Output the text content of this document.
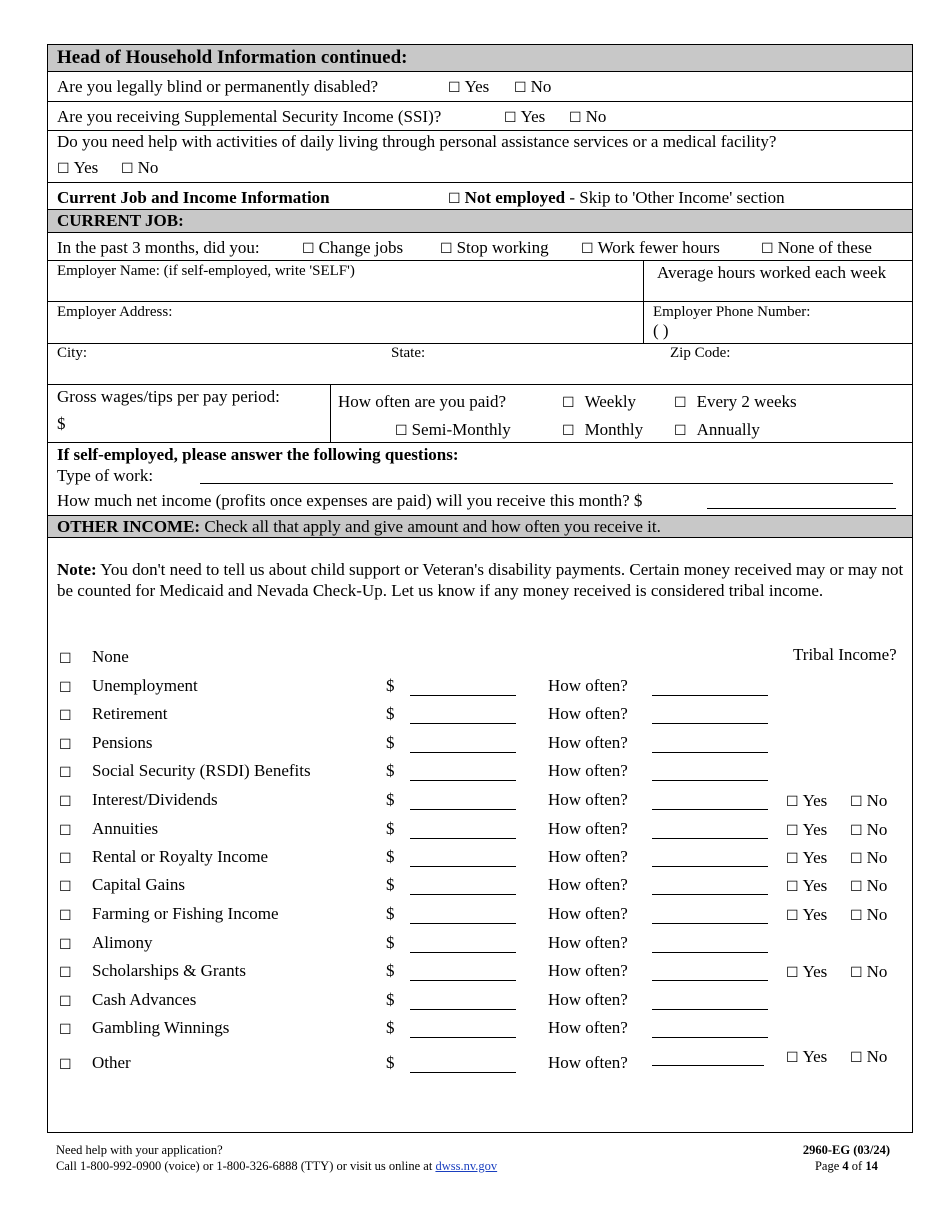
Head of Household Information continued:
Are you legally blind or permanently disabled?	☐ Yes ☐ No
Are you receiving Supplemental Security Income (SSI)?	☐ Yes ☐ No
Do you need help with activities of daily living through personal assistance services or a medical facility?
☐ Yes ☐ No
Current Job and Income Information	☐ Not employed - Skip to 'Other Income' section
CURRENT JOB:
In the past 3 months, did you:	☐ Change jobs	☐ Stop working ☐ Work fewer hours	☐ None of these
Employer Name: (if self-employed, write 'SELF')	Average hours worked each week
Employer Address:	Employer Phone Number:
( )
City:	State:	Zip Code:
Gross wages/tips per pay period:
$
How often are you paid?	☐ Weekly	☐ Every 2 weeks
☐ Semi-Monthly	☐ Monthly ☐ Annually
If self-employed, please answer the following questions:
Type of work:
How much net income (profits once expenses are paid) will you receive this month? $
OTHER INCOME: Check all that apply and give amount and how often you receive it.
Note: You don't need to tell us about child support or Veteran's disability payments. Certain money received may or may not be counted for Medicaid and Nevada Check-Up. Let us know if any money received is considered tribal income.
Tribal Income?
☐ None
☐ Unemployment	$	How often?
☐ Retirement	$	How often?
☐ Pensions	$	How often?
☐ Social Security (RSDI) Benefits	$	How often?
☐ Interest/Dividends	$	How often?	☐ Yes ☐ No
☐ Annuities	$	How often?	☐ Yes ☐ No
☐ Rental or Royalty Income	$	How often?	☐ Yes ☐ No
☐ Capital Gains	$	How often?	☐ Yes ☐ No
☐ Farming or Fishing Income	$	How often?	☐ Yes ☐ No
☐ Alimony	$	How often?
☐ Scholarships & Grants	$	How often?	☐ Yes ☐ No
☐ Cash Advances	$	How often?
☐ Gambling Winnings	$	How often?
☐ Other	$	How often?	☐ Yes ☐ No
Need help with your application?
Call 1-800-992-0900 (voice) or 1-800-326-6888 (TTY) or visit us online at dwss.nv.gov
2960-EG (03/24)
Page 4 of 14
